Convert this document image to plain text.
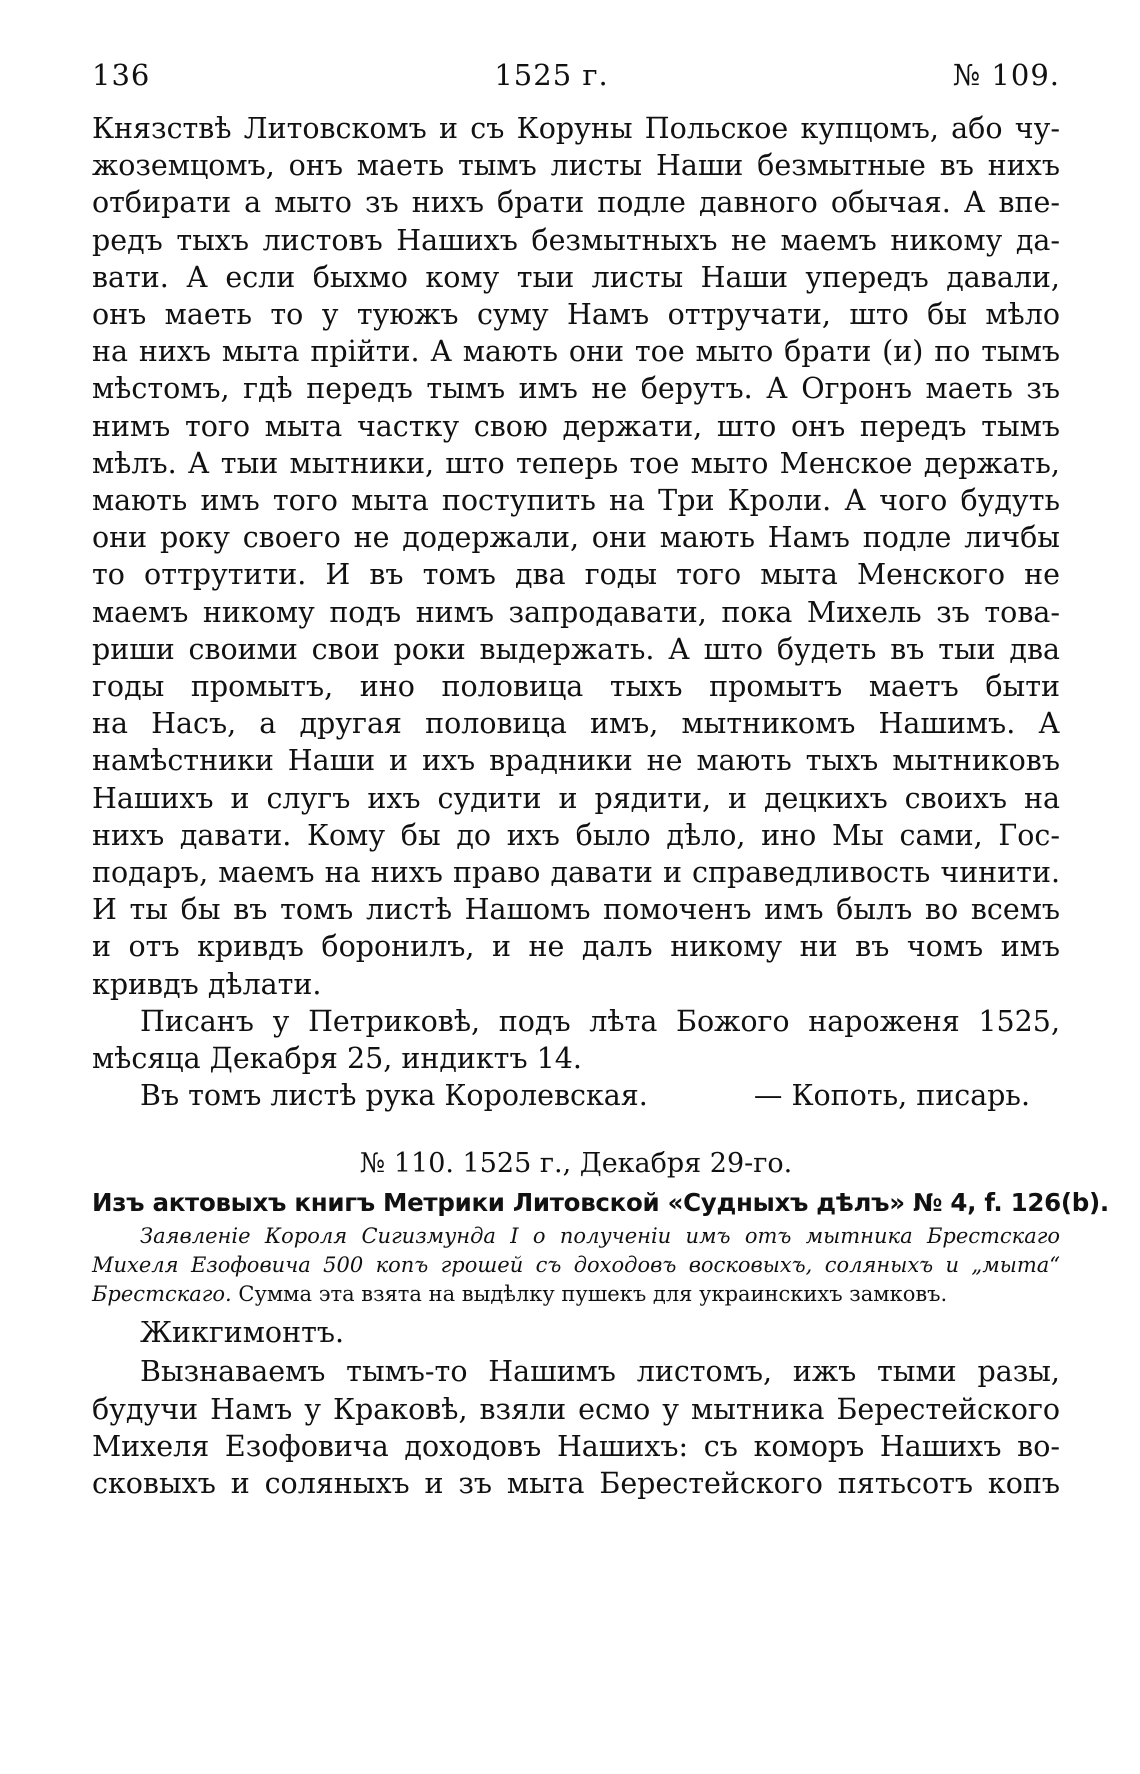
136	1525 г.	№ 109.
Князствѣ Литовскомъ и съ Коруны Польское купцомъ, або чу-
жоземцомъ, онъ маеть тымъ листы Наши безмытные въ нихъ
отбирати а мыто зъ нихъ брати подле давного обычая. А впе-
редъ тыхъ листовъ Нашихъ безмытныхъ не маемъ никому да-
вати. А если быхмо кому тыи листы Наши упередъ давали,
онъ маеть то у туюжъ суму Намъ оттручати, што бы мѣло
на нихъ мыта прійти. А мають они тое мыто брати (и) по тымъ
мѣстомъ, гдѣ передъ тымъ имъ не берутъ. А Огронъ маеть зъ
нимъ того мыта частку свою держати, што онъ передъ тымъ
мѣлъ. А тыи мытники, што теперь тое мыто Менское держать,
мають имъ того мыта поступить на Три Кроли. А чого будуть
они року своего не додержали, они мають Намъ подле личбы
то оттрутити. И въ томъ два годы того мыта Менского не
маемъ никому подъ нимъ запродавати, пока Михель зъ това-
риши своими свои роки выдержать. А што будеть въ тыи два
годы промытъ, ино половица тыхъ промытъ маетъ быти
на Насъ, а другая половица имъ, мытникомъ Нашимъ. А
намѣстники Наши и ихъ врадники не мають тыхъ мытниковъ
Нашихъ и слугъ ихъ судити и рядити, и децкихъ своихъ на
нихъ давати. Кому бы до ихъ было дѣло, ино Мы сами, Гос-
подаръ, маемъ на нихъ право давати и справедливость чинити.
И ты бы въ томъ листѣ Нашомъ помоченъ имъ былъ во всемъ
и отъ кривдъ боронилъ, и не далъ никому ни въ чомъ имъ
кривдъ дѣлати.
Писанъ у Петриковѣ, подъ лѣта Божого нароженя 1525,
мѣсяца Декабря 25, индиктъ 14.
Въ томъ листѣ рука Королевская.	— Копоть, писарь.
№ 110. 1525 г., Декабря 29-го.
Изъ актовыхъ книгъ Метрики Литовской «Судныхъ дѣлъ» № 4, f. 126(b).
Заявленіе Короля Сигизмунда I о полученіи имъ отъ мытника Брестскаго
Михеля Езофовича 500 копъ грошей съ доходовъ восковыхъ, соляныхъ и „мыта“
Брестскаго. Сумма эта взята на выдѣлку пушекъ для украинскихъ замковъ.
Жикгимонтъ.
Вызнаваемъ тымъ-то Нашимъ листомъ, ижъ тыми разы,
будучи Намъ у Краковѣ, взяли есмо у мытника Берестейского
Михеля Езофовича доходовъ Нашихъ: съ коморъ Нашихъ во-
сковыхъ и соляныхъ и зъ мыта Берестейского пятьсотъ копъ
